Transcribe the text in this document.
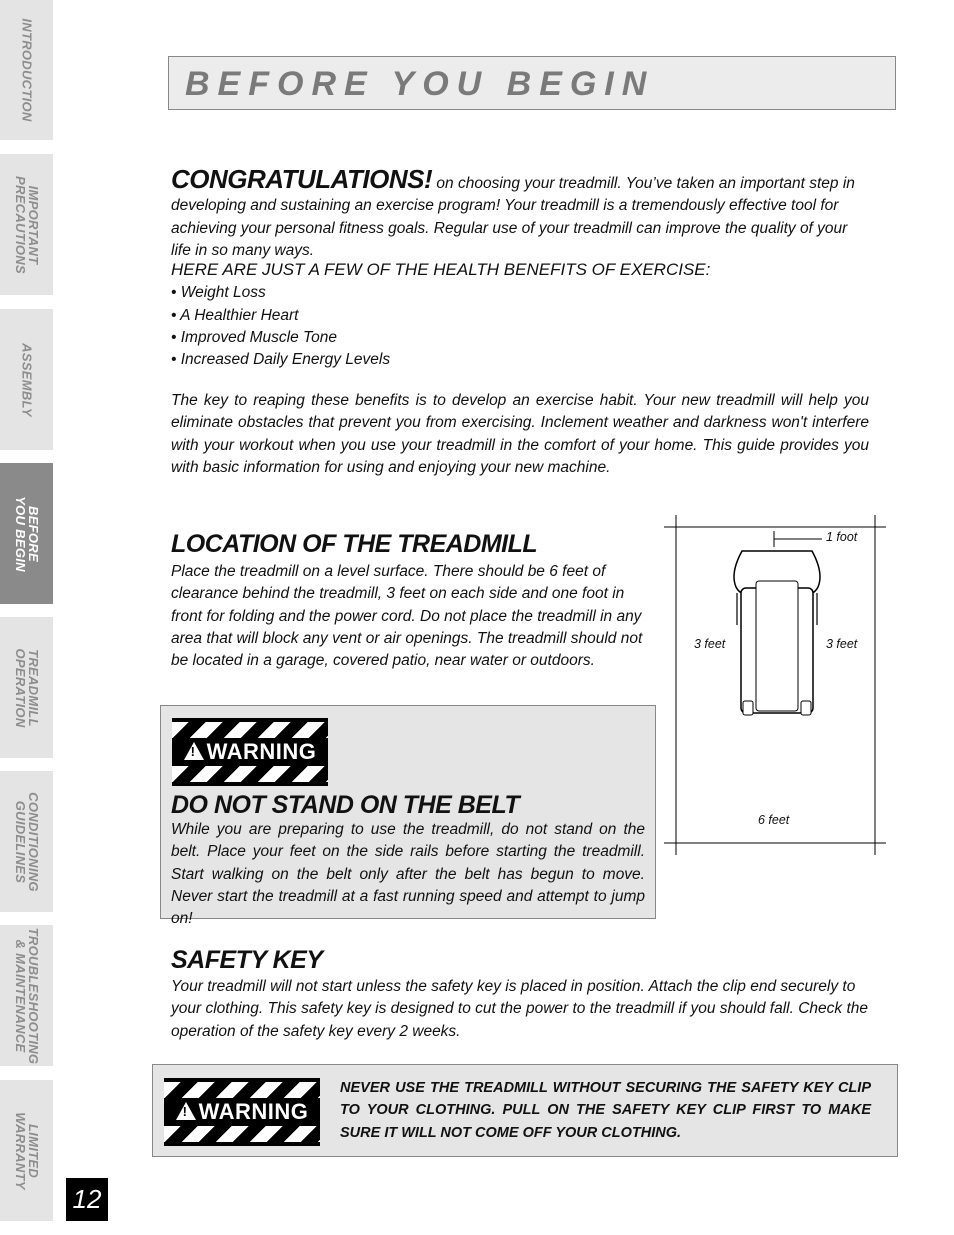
INTRODUCTION
IMPORTANT
PRECAUTIONS
ASSEMBLY
BEFORE
YOU BEGIN
TREADMILL
OPERATION
CONDITIONING
GUIDELINES
TROUBLESHOOTING
& MAINTENANCE
LIMITED
WARRANTY
12
BEFORE YOU BEGIN
CONGRATULATIONS! on choosing your treadmill. You’ve taken an important step in developing and sustaining an exercise program! Your treadmill is a tremendously effective tool for achieving your personal fitness goals. Regular use of your treadmill can improve the quality of your life in so many ways.
HERE ARE JUST A FEW OF THE HEALTH BENEFITS OF EXERCISE:
• Weight Loss
• A Healthier Heart
• Improved Muscle Tone
• Increased Daily Energy Levels
The key to reaping these benefits is to develop an exercise habit. Your new treadmill will help you eliminate obstacles that prevent you from exercising. Inclement weather and darkness won't interfere with your workout when you use your treadmill in the comfort of your home. This guide provides you with basic information for using and enjoying your new machine.
LOCATION OF THE TREADMILL
Place the treadmill on a level surface. There should be 6 feet of clearance behind the treadmill, 3 feet on each side and one foot in front for folding and the power cord. Do not place the treadmill in any area that will block any vent or air openings. The treadmill should not be located in a garage, covered patio, near water or outdoors.
1 foot
3 feet	3 feet
6 feet
!WARNING
DO NOT STAND ON THE BELT
While you are preparing to use the treadmill, do not stand on the belt. Place your feet on the side rails before starting the treadmill. Start walking on the belt only after the belt has begun to move. Never start the treadmill at a fast running speed and attempt to jump on!
SAFETY KEY
Your treadmill will not start unless the safety key is placed in position. Attach the clip end securely to your clothing. This safety key is designed to cut the power to the treadmill if you should fall. Check the operation of the safety key every 2 weeks.
!WARNING
NEVER USE THE TREADMILL WITHOUT SECURING THE SAFETY KEY CLIP TO YOUR CLOTHING. PULL ON THE SAFETY KEY CLIP FIRST TO MAKE SURE IT WILL NOT COME OFF YOUR CLOTHING.
